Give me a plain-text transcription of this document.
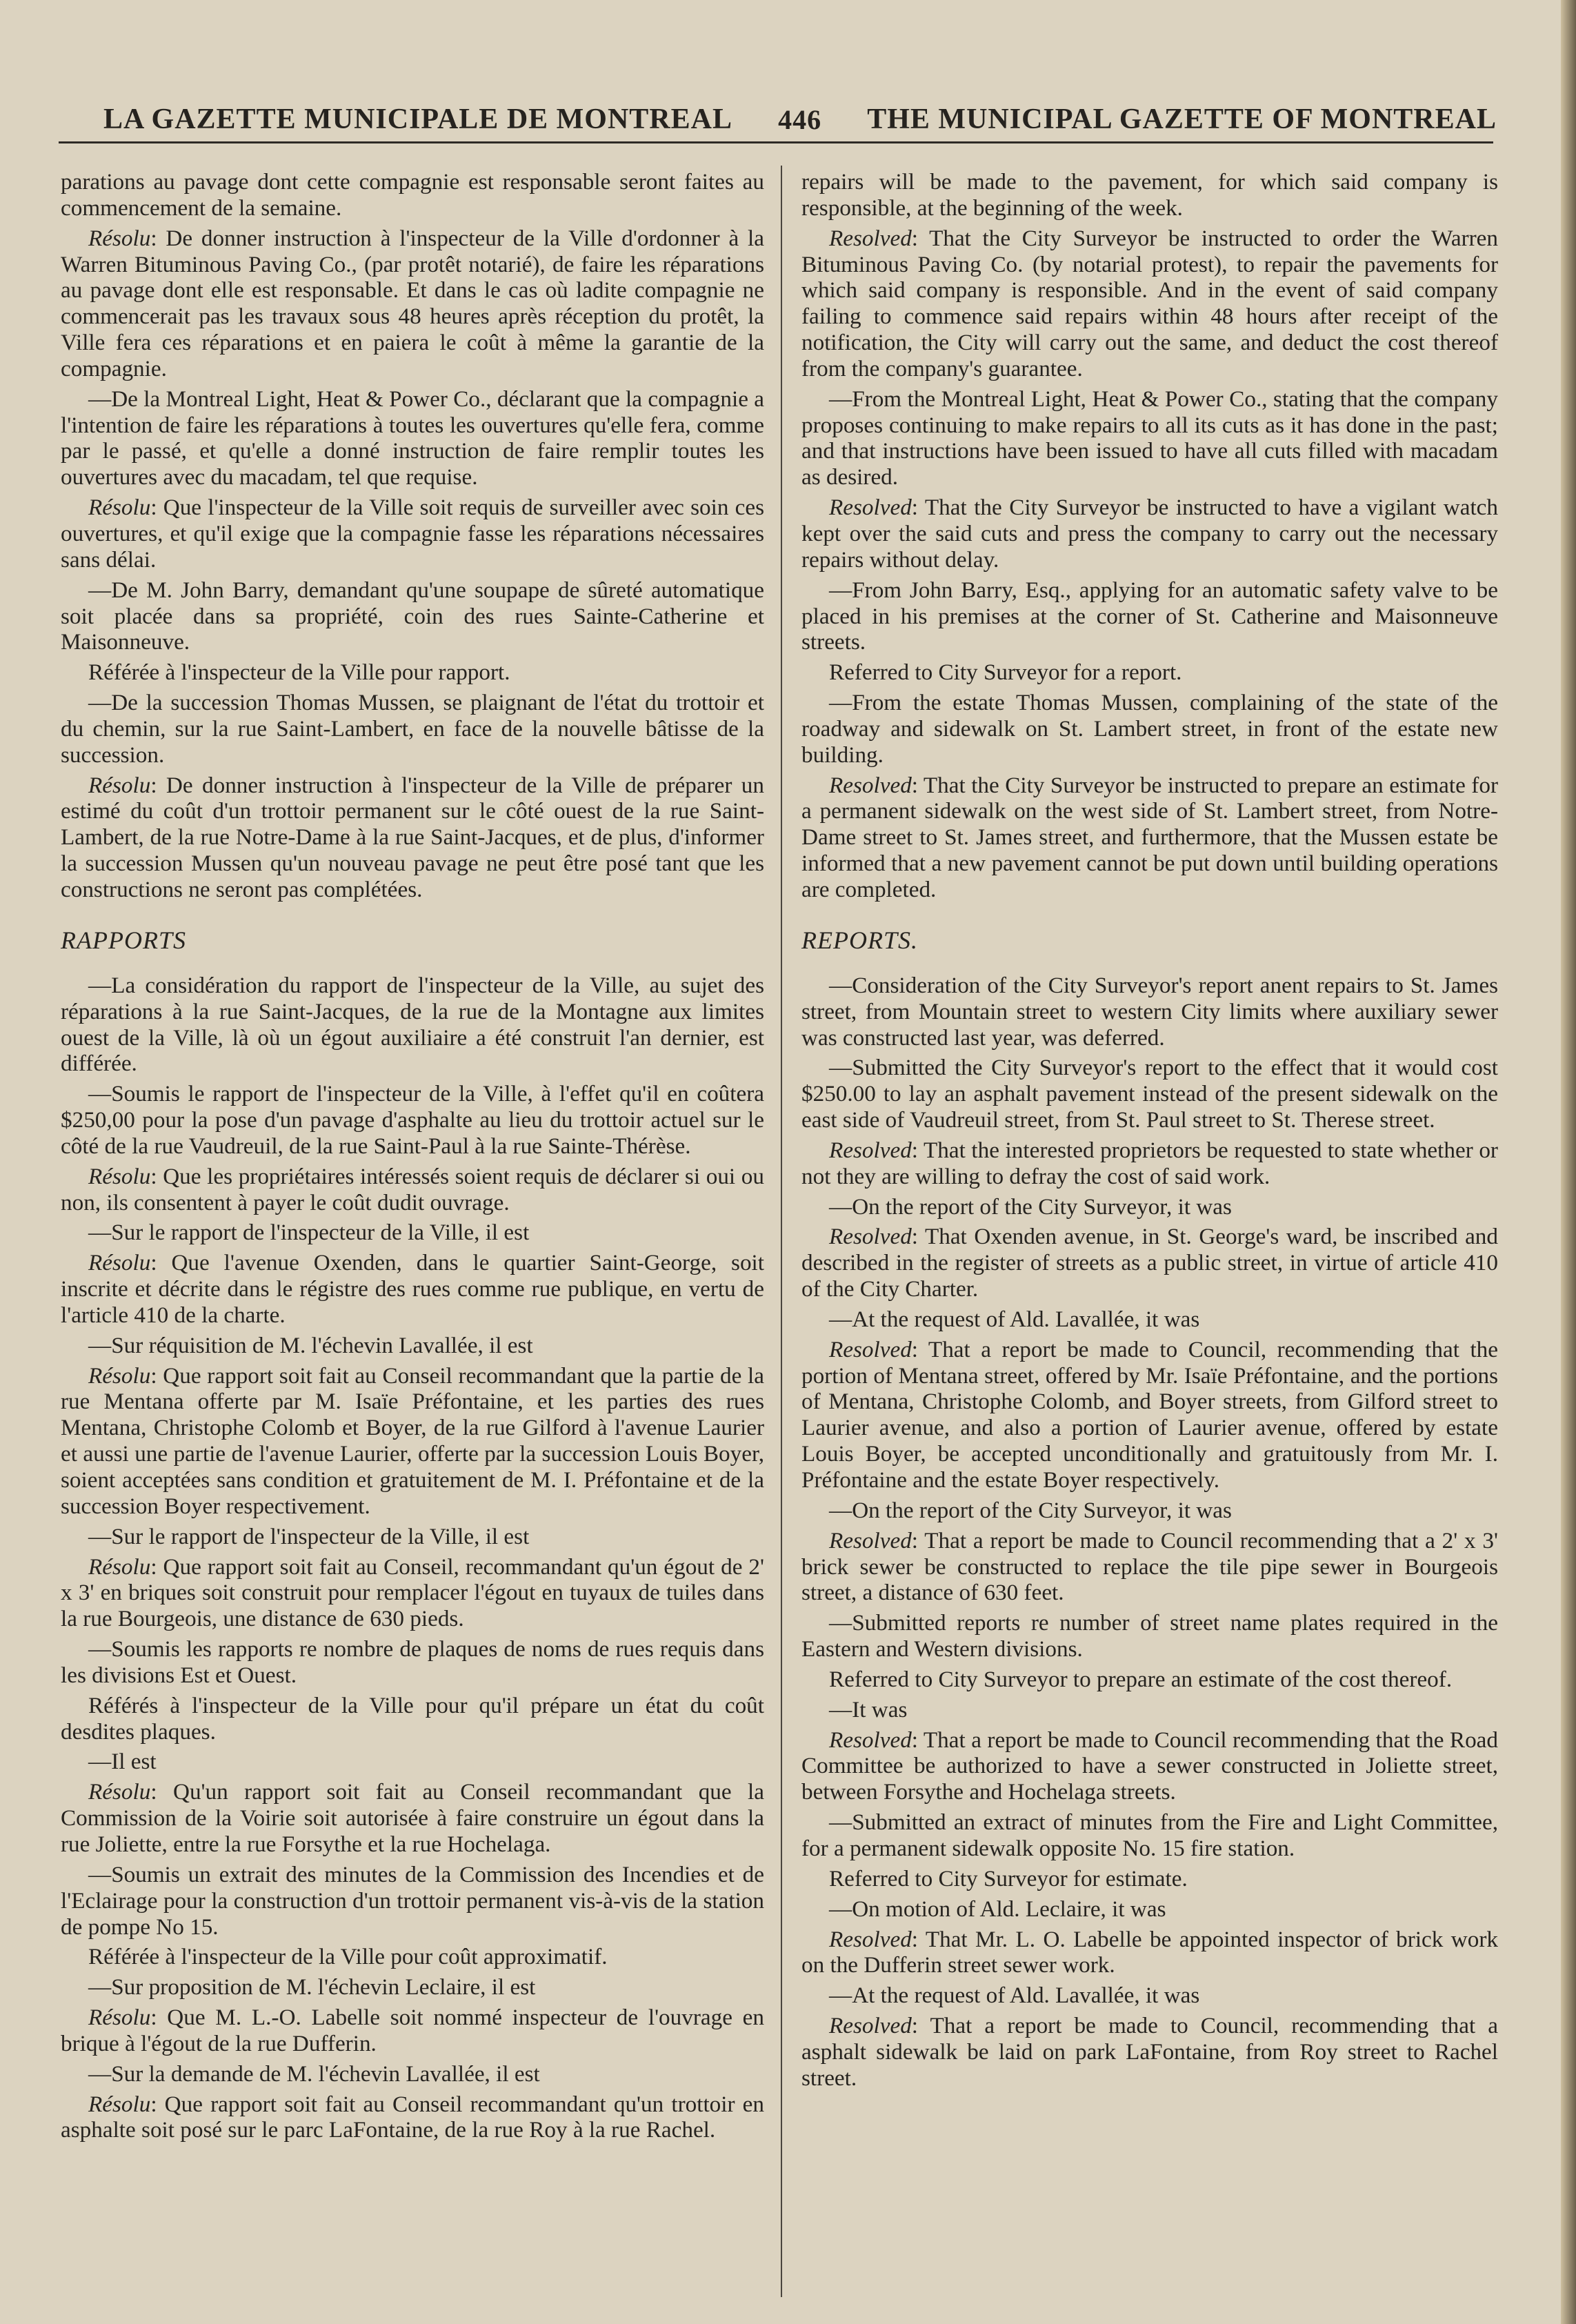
LA GAZETTE MUNICIPALE DE MONTREAL 446 THE MUNICIPAL GAZETTE OF MONTREAL

parations au pavage dont cette compagnie est responsable seront faites au commencement de la semaine.

Résolu: De donner instruction à l'inspecteur de la Ville d'ordonner à la Warren Bituminous Paving Co., (par protêt notarié), de faire les réparations au pavage dont elle est responsable. Et dans le cas où ladite compagnie ne commencerait pas les travaux sous 48 heures après réception du protêt, la Ville fera ces réparations et en paiera le coût à même la garantie de la compagnie.

—De la Montreal Light, Heat & Power Co., déclarant que la compagnie a l'intention de faire les réparations à toutes les ouvertures qu'elle fera, comme par le passé, et qu'elle a donné instruction de faire remplir toutes les ouvertures avec du macadam, tel que requise.

Résolu: Que l'inspecteur de la Ville soit requis de surveiller avec soin ces ouvertures, et qu'il exige que la compagnie fasse les réparations nécessaires sans délai.

—De M. John Barry, demandant qu'une soupape de sûreté automatique soit placée dans sa propriété, coin des rues Sainte-Catherine et Maisonneuve.

Référée à l'inspecteur de la Ville pour rapport.

—De la succession Thomas Mussen, se plaignant de l'état du trottoir et du chemin, sur la rue Saint-Lambert, en face de la nouvelle bâtisse de la succession.

Résolu: De donner instruction à l'inspecteur de la Ville de préparer un estimé du coût d'un trottoir permanent sur le côté ouest de la rue Saint-Lambert, de la rue Notre-Dame à la rue Saint-Jacques, et de plus, d'informer la succession Mussen qu'un nouveau pavage ne peut être posé tant que les constructions ne seront pas complétées.

RAPPORTS

—La considération du rapport de l'inspecteur de la Ville, au sujet des réparations à la rue Saint-Jacques, de la rue de la Montagne aux limites ouest de la Ville, là où un égout auxiliaire a été construit l'an dernier, est différée.

—Soumis le rapport de l'inspecteur de la Ville, à l'effet qu'il en coûtera $250,00 pour la pose d'un pavage d'asphalte au lieu du trottoir actuel sur le côté de la rue Vaudreuil, de la rue Saint-Paul à la rue Sainte-Thérèse.

Résolu: Que les propriétaires intéressés soient requis de déclarer si oui ou non, ils consentent à payer le coût dudit ouvrage.

—Sur le rapport de l'inspecteur de la Ville, il est

Résolu: Que l'avenue Oxenden, dans le quartier Saint-George, soit inscrite et décrite dans le régistre des rues comme rue publique, en vertu de l'article 410 de la charte.

—Sur réquisition de M. l'échevin Lavallée, il est

Résolu: Que rapport soit fait au Conseil recommandant que la partie de la rue Mentana offerte par M. Isaïe Préfontaine, et les parties des rues Mentana, Christophe Colomb et Boyer, de la rue Gilford à l'avenue Laurier et aussi une partie de l'avenue Laurier, offerte par la succession Louis Boyer, soient acceptées sans condition et gratuitement de M. I. Préfontaine et de la succession Boyer respectivement.

—Sur le rapport de l'inspecteur de la Ville, il est

Résolu: Que rapport soit fait au Conseil, recommandant qu'un égout de 2' x 3' en briques soit construit pour remplacer l'égout en tuyaux de tuiles dans la rue Bourgeois, une distance de 630 pieds.

—Soumis les rapports re nombre de plaques de noms de rues requis dans les divisions Est et Ouest.

Référés à l'inspecteur de la Ville pour qu'il prépare un état du coût desdites plaques.

—Il est

Résolu: Qu'un rapport soit fait au Conseil recommandant que la Commission de la Voirie soit autorisée à faire construire un égout dans la rue Joliette, entre la rue Forsythe et la rue Hochelaga.

—Soumis un extrait des minutes de la Commission des Incendies et de l'Eclairage pour la construction d'un trottoir permanent vis-à-vis de la station de pompe No 15.

Référée à l'inspecteur de la Ville pour coût approximatif.

—Sur proposition de M. l'échevin Leclaire, il est

Résolu: Que M. L.-O. Labelle soit nommé inspecteur de l'ouvrage en brique à l'égout de la rue Dufferin.

—Sur la demande de M. l'échevin Lavallée, il est

Résolu: Que rapport soit fait au Conseil recommandant qu'un trottoir en asphalte soit posé sur le parc LaFontaine, de la rue Roy à la rue Rachel.

repairs will be made to the pavement, for which said company is responsible, at the beginning of the week.

Resolved: That the City Surveyor be instructed to order the Warren Bituminous Paving Co. (by notarial protest), to repair the pavements for which said company is responsible. And in the event of said company failing to commence said repairs within 48 hours after receipt of the notification, the City will carry out the same, and deduct the cost thereof from the company's guarantee.

—From the Montreal Light, Heat & Power Co., stating that the company proposes continuing to make repairs to all its cuts as it has done in the past; and that instructions have been issued to have all cuts filled with macadam as desired.

Resolved: That the City Surveyor be instructed to have a vigilant watch kept over the said cuts and press the company to carry out the necessary repairs without delay.

—From John Barry, Esq., applying for an automatic safety valve to be placed in his premises at the corner of St. Catherine and Maisonneuve streets.

Referred to City Surveyor for a report.

—From the estate Thomas Mussen, complaining of the state of the roadway and sidewalk on St. Lambert street, in front of the estate new building.

Resolved: That the City Surveyor be instructed to prepare an estimate for a permanent sidewalk on the west side of St. Lambert street, from Notre-Dame street to St. James street, and furthermore, that the Mussen estate be informed that a new pavement cannot be put down until building operations are completed.

REPORTS.

—Consideration of the City Surveyor's report anent repairs to St. James street, from Mountain street to western City limits where auxiliary sewer was constructed last year, was deferred.

—Submitted the City Surveyor's report to the effect that it would cost $250.00 to lay an asphalt pavement instead of the present sidewalk on the east side of Vaudreuil street, from St. Paul street to St. Therese street.

Resolved: That the interested proprietors be requested to state whether or not they are willing to defray the cost of said work.

—On the report of the City Surveyor, it was

Resolved: That Oxenden avenue, in St. George's ward, be inscribed and described in the register of streets as a public street, in virtue of article 410 of the City Charter.

—At the request of Ald. Lavallée, it was

Resolved: That a report be made to Council, recommending that the portion of Mentana street, offered by Mr. Isaïe Préfontaine, and the portions of Mentana, Christophe Colomb, and Boyer streets, from Gilford street to Laurier avenue, and also a portion of Laurier avenue, offered by estate Louis Boyer, be accepted unconditionally and gratuitously from Mr. I. Préfontaine and the estate Boyer respectively.

—On the report of the City Surveyor, it was

Resolved: That a report be made to Council recommending that a 2' x 3' brick sewer be constructed to replace the tile pipe sewer in Bourgeois street, a distance of 630 feet.

—Submitted reports re number of street name plates required in the Eastern and Western divisions.

Referred to City Surveyor to prepare an estimate of the cost thereof.

—It was

Resolved: That a report be made to Council recommending that the Road Committee be authorized to have a sewer constructed in Joliette street, between Forsythe and Hochelaga streets.

—Submitted an extract of minutes from the Fire and Light Committee, for a permanent sidewalk opposite No. 15 fire station.

Referred to City Surveyor for estimate.

—On motion of Ald. Leclaire, it was

Resolved: That Mr. L. O. Labelle be appointed inspector of brick work on the Dufferin street sewer work.

—At the request of Ald. Lavallée, it was

Resolved: That a report be made to Council, recommending that a asphalt sidewalk be laid on park LaFontaine, from Roy street to Rachel street.
